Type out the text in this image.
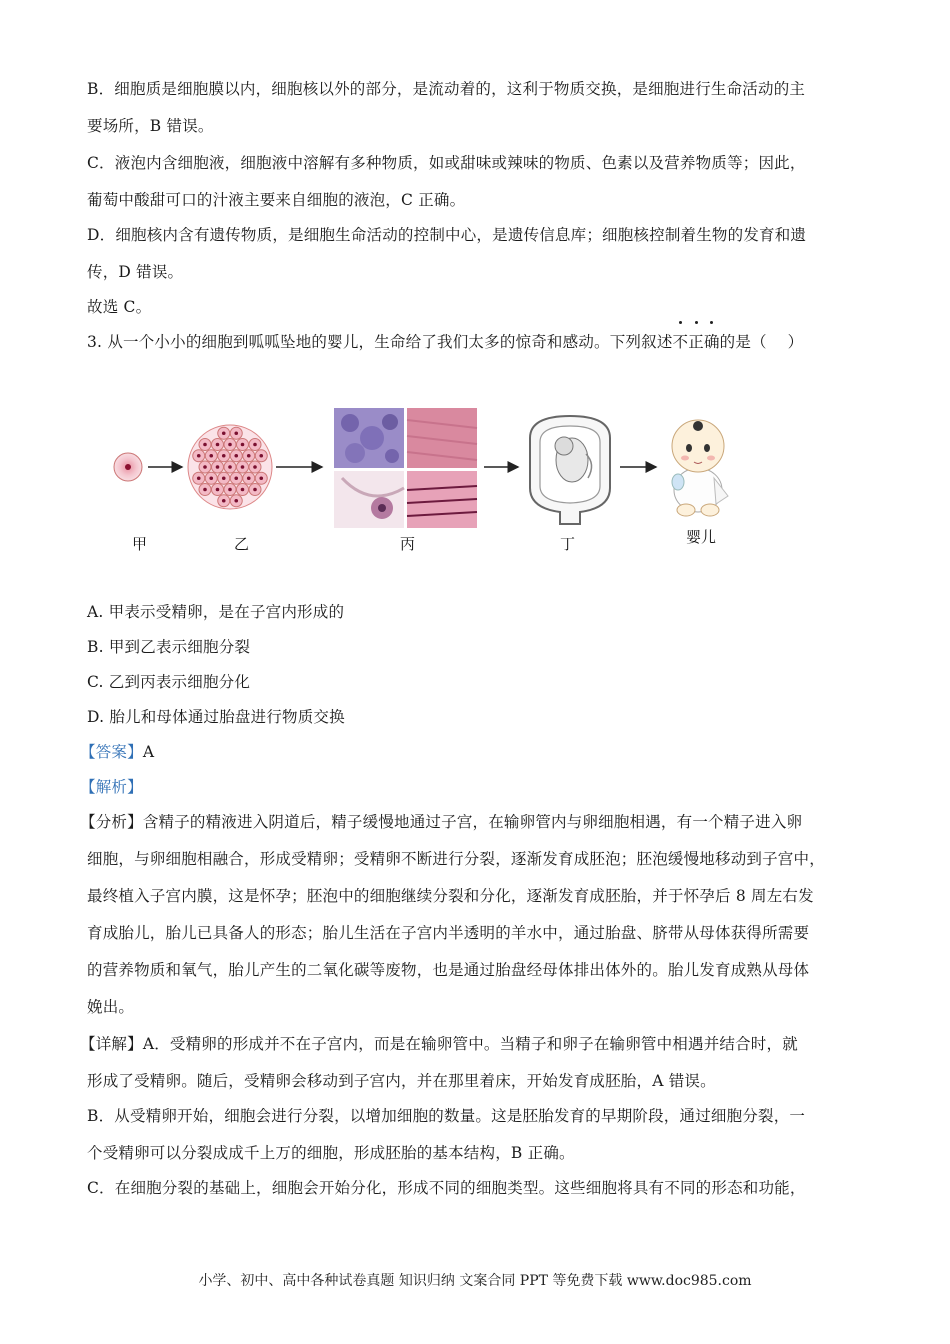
B．细胞质是细胞膜以内，细胞核以外的部分，是流动着的，这利于物质交换，是细胞进行生命活动的主
要场所，B 错误。
C．液泡内含细胞液，细胞液中溶解有多种物质，如或甜味或辣味的物质、色素以及营养物质等；因此，
葡萄中酸甜可口的汁液主要来自细胞的液泡，C 正确。
D．细胞核内含有遗传物质，是细胞生命活动的控制中心，是遗传信息库；细胞核控制着生物的发育和遗
传，D 错误。
故选 C。
3. 从一个小小的细胞到呱呱坠地的婴儿，生命给了我们太多的惊奇和感动。下列叙述
不
正
确的是（　 ）
甲	乙	丙	丁	婴儿
A. 甲表示受精卵，是在子宫内形成的
B. 甲到乙表示细胞分裂
C. 乙到丙表示细胞分化
D. 胎儿和母体通过胎盘进行物质交换
【答案】A
【解析】
【分析】含精子的精液进入阴道后，精子缓慢地通过子宫，在输卵管内与卵细胞相遇，有一个精子进入卵
细胞，与卵细胞相融合，形成受精卵；受精卵不断进行分裂，逐渐发育成胚泡；胚泡缓慢地移动到子宫中，
最终植入子宫内膜，这是怀孕；胚泡中的细胞继续分裂和分化，逐渐发育成胚胎，并于怀孕后 8 周左右发
育成胎儿，胎儿已具备人的形态；胎儿生活在子宫内半透明的羊水中，通过胎盘、脐带从母体获得所需要
的营养物质和氧气，胎儿产生的二氧化碳等废物，也是通过胎盘经母体排出体外的。胎儿发育成熟从母体
娩出。
【详解】A．受精卵的形成并不在子宫内，而是在输卵管中。当精子和卵子在输卵管中相遇并结合时，就
形成了受精卵。随后，受精卵会移动到子宫内，并在那里着床，开始发育成胚胎，A 错误。
B．从受精卵开始，细胞会进行分裂，以增加细胞的数量。这是胚胎发育的早期阶段，通过细胞分裂，一
个受精卵可以分裂成成千上万的细胞，形成胚胎的基本结构，B 正确。
C．在细胞分裂的基础上，细胞会开始分化，形成不同的细胞类型。这些细胞将具有不同的形态和功能，
小学、初中、高中各种试卷真题 知识归纳 文案合同 PPT 等免费下载 www.doc985.com
